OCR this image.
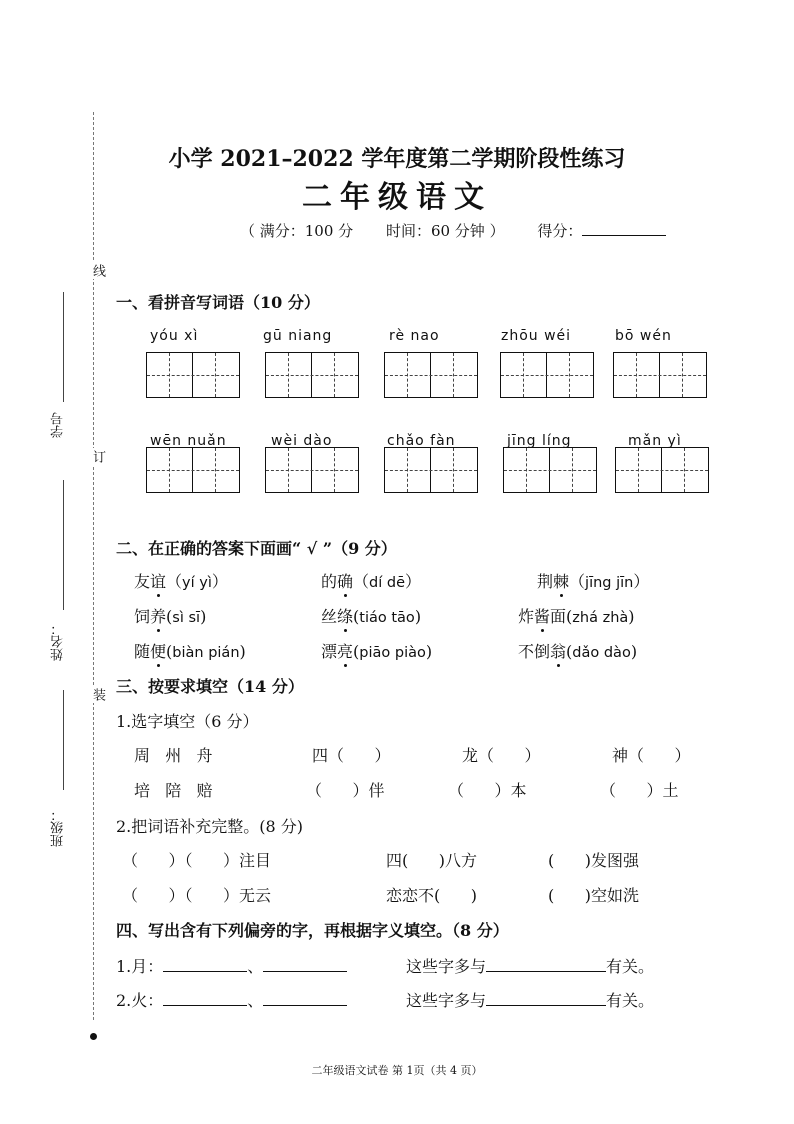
线
订
装
学号
姓名：
班级：
小学 2021–2022 学年度第二学期阶段性练习
二年级语文
（ 满分：100 分 时间：60 分钟 ） 得分：
一、看拼音写词语（10 分）
yóu xì	gū niang	rè nao	zhōu wéi	bō wén
wēn nuǎn	wèi dào	chǎo fàn	jīng líng	mǎn yì
二、在正确的答案下面画“ √ ”（9 分）
友谊（yí yì）	的确（dí dē）	荆棘（jīng jīn）
饲养(sì sī)	丝绦(tiáo tāo)	炸酱面(zhá zhà)
随便(biàn pián)	漂亮(piāo piào)	不倒翁(dǎo dào)
三、按要求填空（14 分）
1.选字填空（6 分）
周   州   舟	四（      ）	龙（      ）	神（      ）
培   陪   赔	（      ）伴	（      ）本	（      ）土
2.把词语补充完整。(8 分)
（      ）（      ）注目	四(      )八方	(      )发图强
（      ）（      ）无云	恋恋不(      )	(      )空如洗
四、写出含有下列偏旁的字，再根据字义填空。（8 分）
1.月：	、	这些字多与	有关。
2.火：	、	这些字多与	有关。
二年级语文试卷 第 1页（共 4 页）
